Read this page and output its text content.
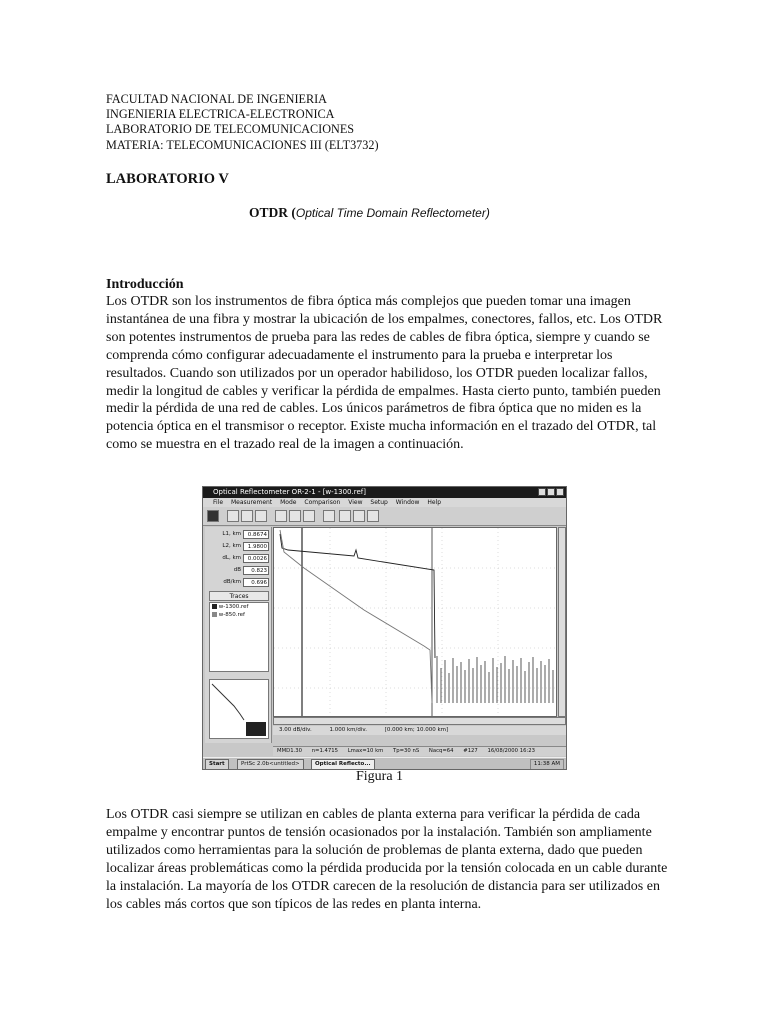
FACULTAD NACIONAL DE INGENIERIA
INGENIERIA ELECTRICA-ELECTRONICA
LABORATORIO DE TELECOMUNICACIONES
MATERIA: TELECOMUNICACIONES III (ELT3732)
LABORATORIO V
OTDR (Optical Time Domain Reflectometer)
Introducción
Los OTDR son los instrumentos de fibra óptica más complejos que pueden tomar una imagen instantánea de una fibra y mostrar la ubicación de los empalmes, conectores, fallos, etc. Los OTDR son potentes instrumentos de prueba para las redes de cables de fibra óptica, siempre y cuando se comprenda cómo configurar adecuadamente el instrumento para la prueba e interpretar los resultados. Cuando son utilizados por un operador habilidoso, los OTDR pueden localizar fallos, medir la longitud de cables y verificar la pérdida de empalmes. Hasta cierto punto, también pueden medir la pérdida de una red de cables. Los únicos parámetros de fibra óptica que no miden es la potencia óptica en el transmisor o receptor. Existe mucha información en el trazado del OTDR, tal como se muestra en el trazado real de la imagen a continuación.
Optical Reflectometer OR-2-1 - [w-1300.ref]
File Measurement Mode Comparison View Setup Window Help
L1, km	0.8674
L2, km	1.9800
dL, km	0.0026
dB	0.823
dB/km	0.696
Traces
w-1300.ref
w-850.ref
3.00 dB/div.	1.000 km/div.	[0.000 km; 10.000 km]
MMD1.30 n=1.4715 Lmax=10 km Tp=30 nS Nacq=64 #127 16/08/2000 16:23
Start	PrtSc 2.0b<untitled>	Optical Reflecto...	11:38 AM
Figura 1
Los OTDR casi siempre se utilizan en cables de planta externa para verificar la pérdida de cada empalme y encontrar puntos de tensión ocasionados por la instalación. También son ampliamente utilizados como herramientas para la solución de problemas de planta externa, dado que pueden localizar áreas problemáticas como la pérdida producida por la tensión colocada en un cable durante la instalación. La mayoría de los OTDR carecen de la resolución de distancia para ser utilizados en los cables más cortos que son típicos de las redes en planta interna.
